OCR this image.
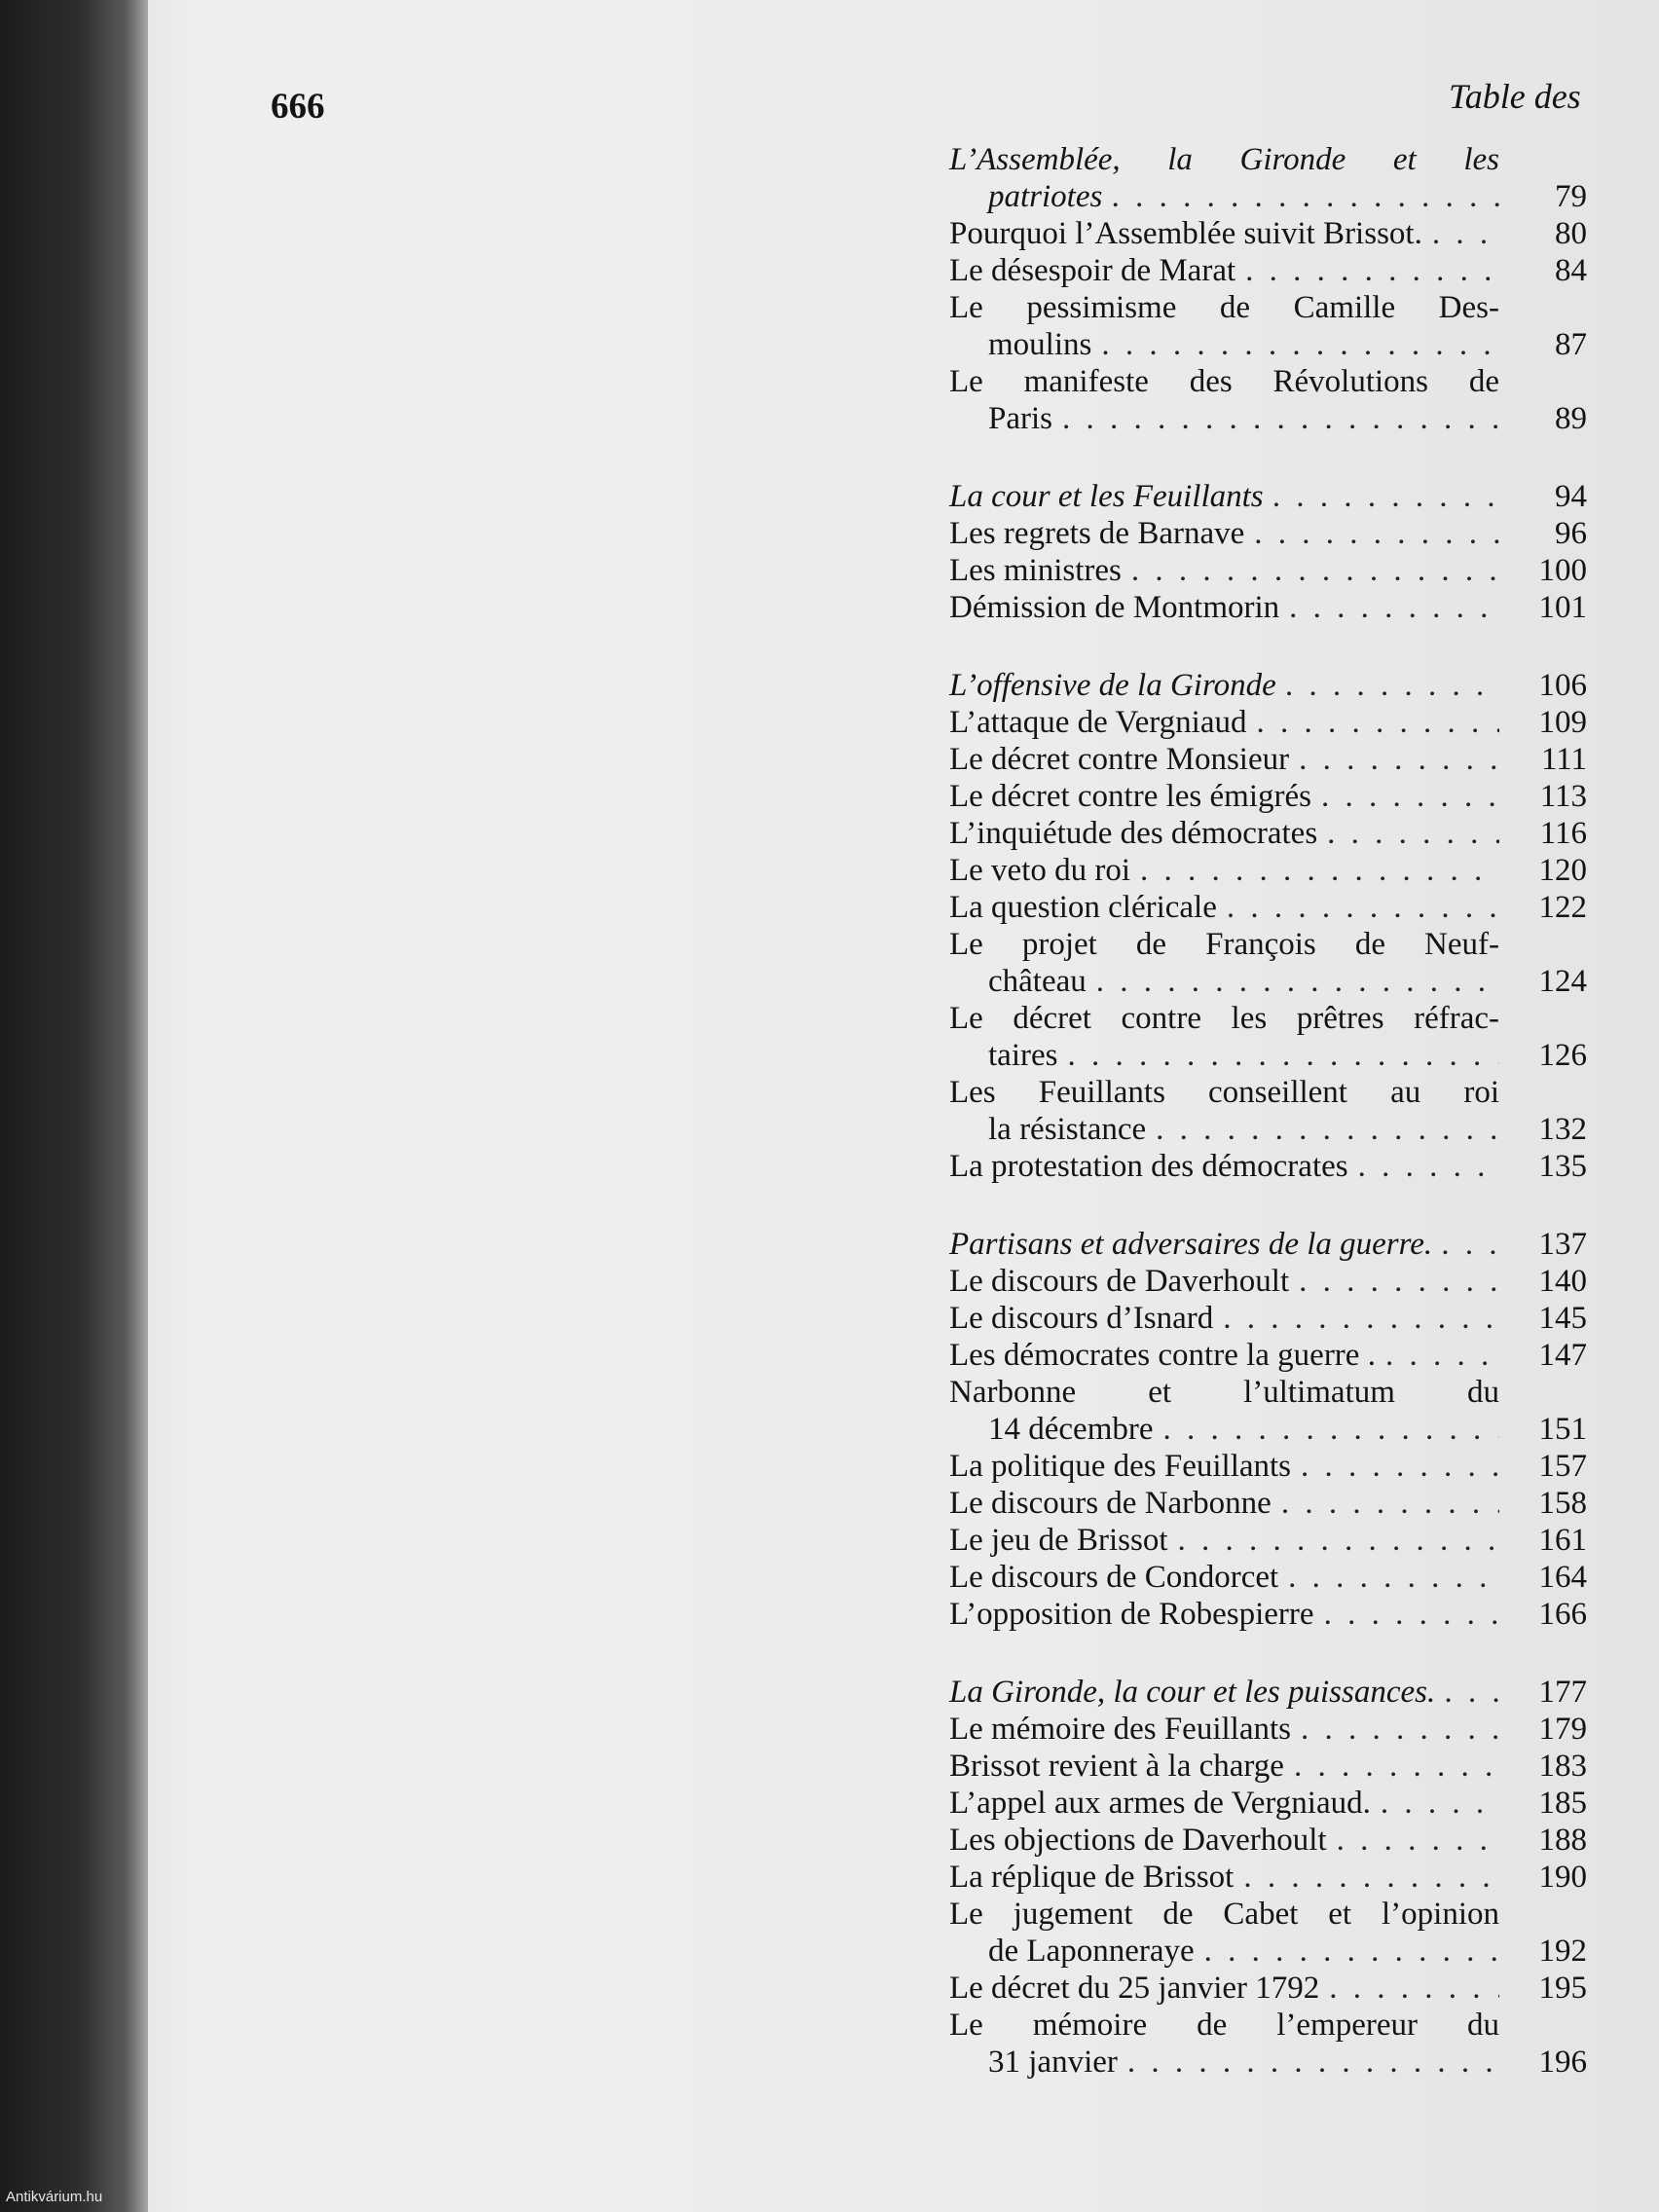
666	Table des
L’Assemblée, la Gironde et les
patriotes . . .	79
Pourquoi l’Assemblée suivit Brissot. . . .	80
Le désespoir de Marat . . .	84
Le pessimisme de Camille Des-
moulins . . .	87
Le manifeste des Révolutions de
Paris . . .	89
La cour et les Feuillants . . .	94
Les regrets de Barnave . . .	96
Les ministres . . .	100
Démission de Montmorin . . .	101
L’offensive de la Gironde . . .	106
L’attaque de Vergniaud . . .	109
Le décret contre Monsieur . . .	111
Le décret contre les émigrés . . .	113
L’inquiétude des démocrates . . .	116
Le veto du roi . . .	120
La question cléricale . . .	122
Le projet de François de Neuf-
château . . .	124
Le décret contre les prêtres réfrac-
taires . . .	126
Les Feuillants conseillent au roi
la résistance . . .	132
La protestation des démocrates . . .	135
Partisans et adversaires de la guerre. . . .	137
Le discours de Daverhoult . . .	140
Le discours d’Isnard . . .	145
Les démocrates contre la guerre . . . .	147
Narbonne et l’ultimatum du
14 décembre . . .	151
La politique des Feuillants . . .	157
Le discours de Narbonne . . .	158
Le jeu de Brissot . . .	161
Le discours de Condorcet . . .	164
L’opposition de Robespierre . . .	166
La Gironde, la cour et les puissances. . . .	177
Le mémoire des Feuillants . . .	179
Brissot revient à la charge . . .	183
L’appel aux armes de Vergniaud. . . .	185
Les objections de Daverhoult . . .	188
La réplique de Brissot . . .	190
Le jugement de Cabet et l’opinion
de Laponneraye . . .	192
Le décret du 25 janvier 1792 . . .	195
Le mémoire de l’empereur du
31 janvier . . .	196
Antikvárium.hu
